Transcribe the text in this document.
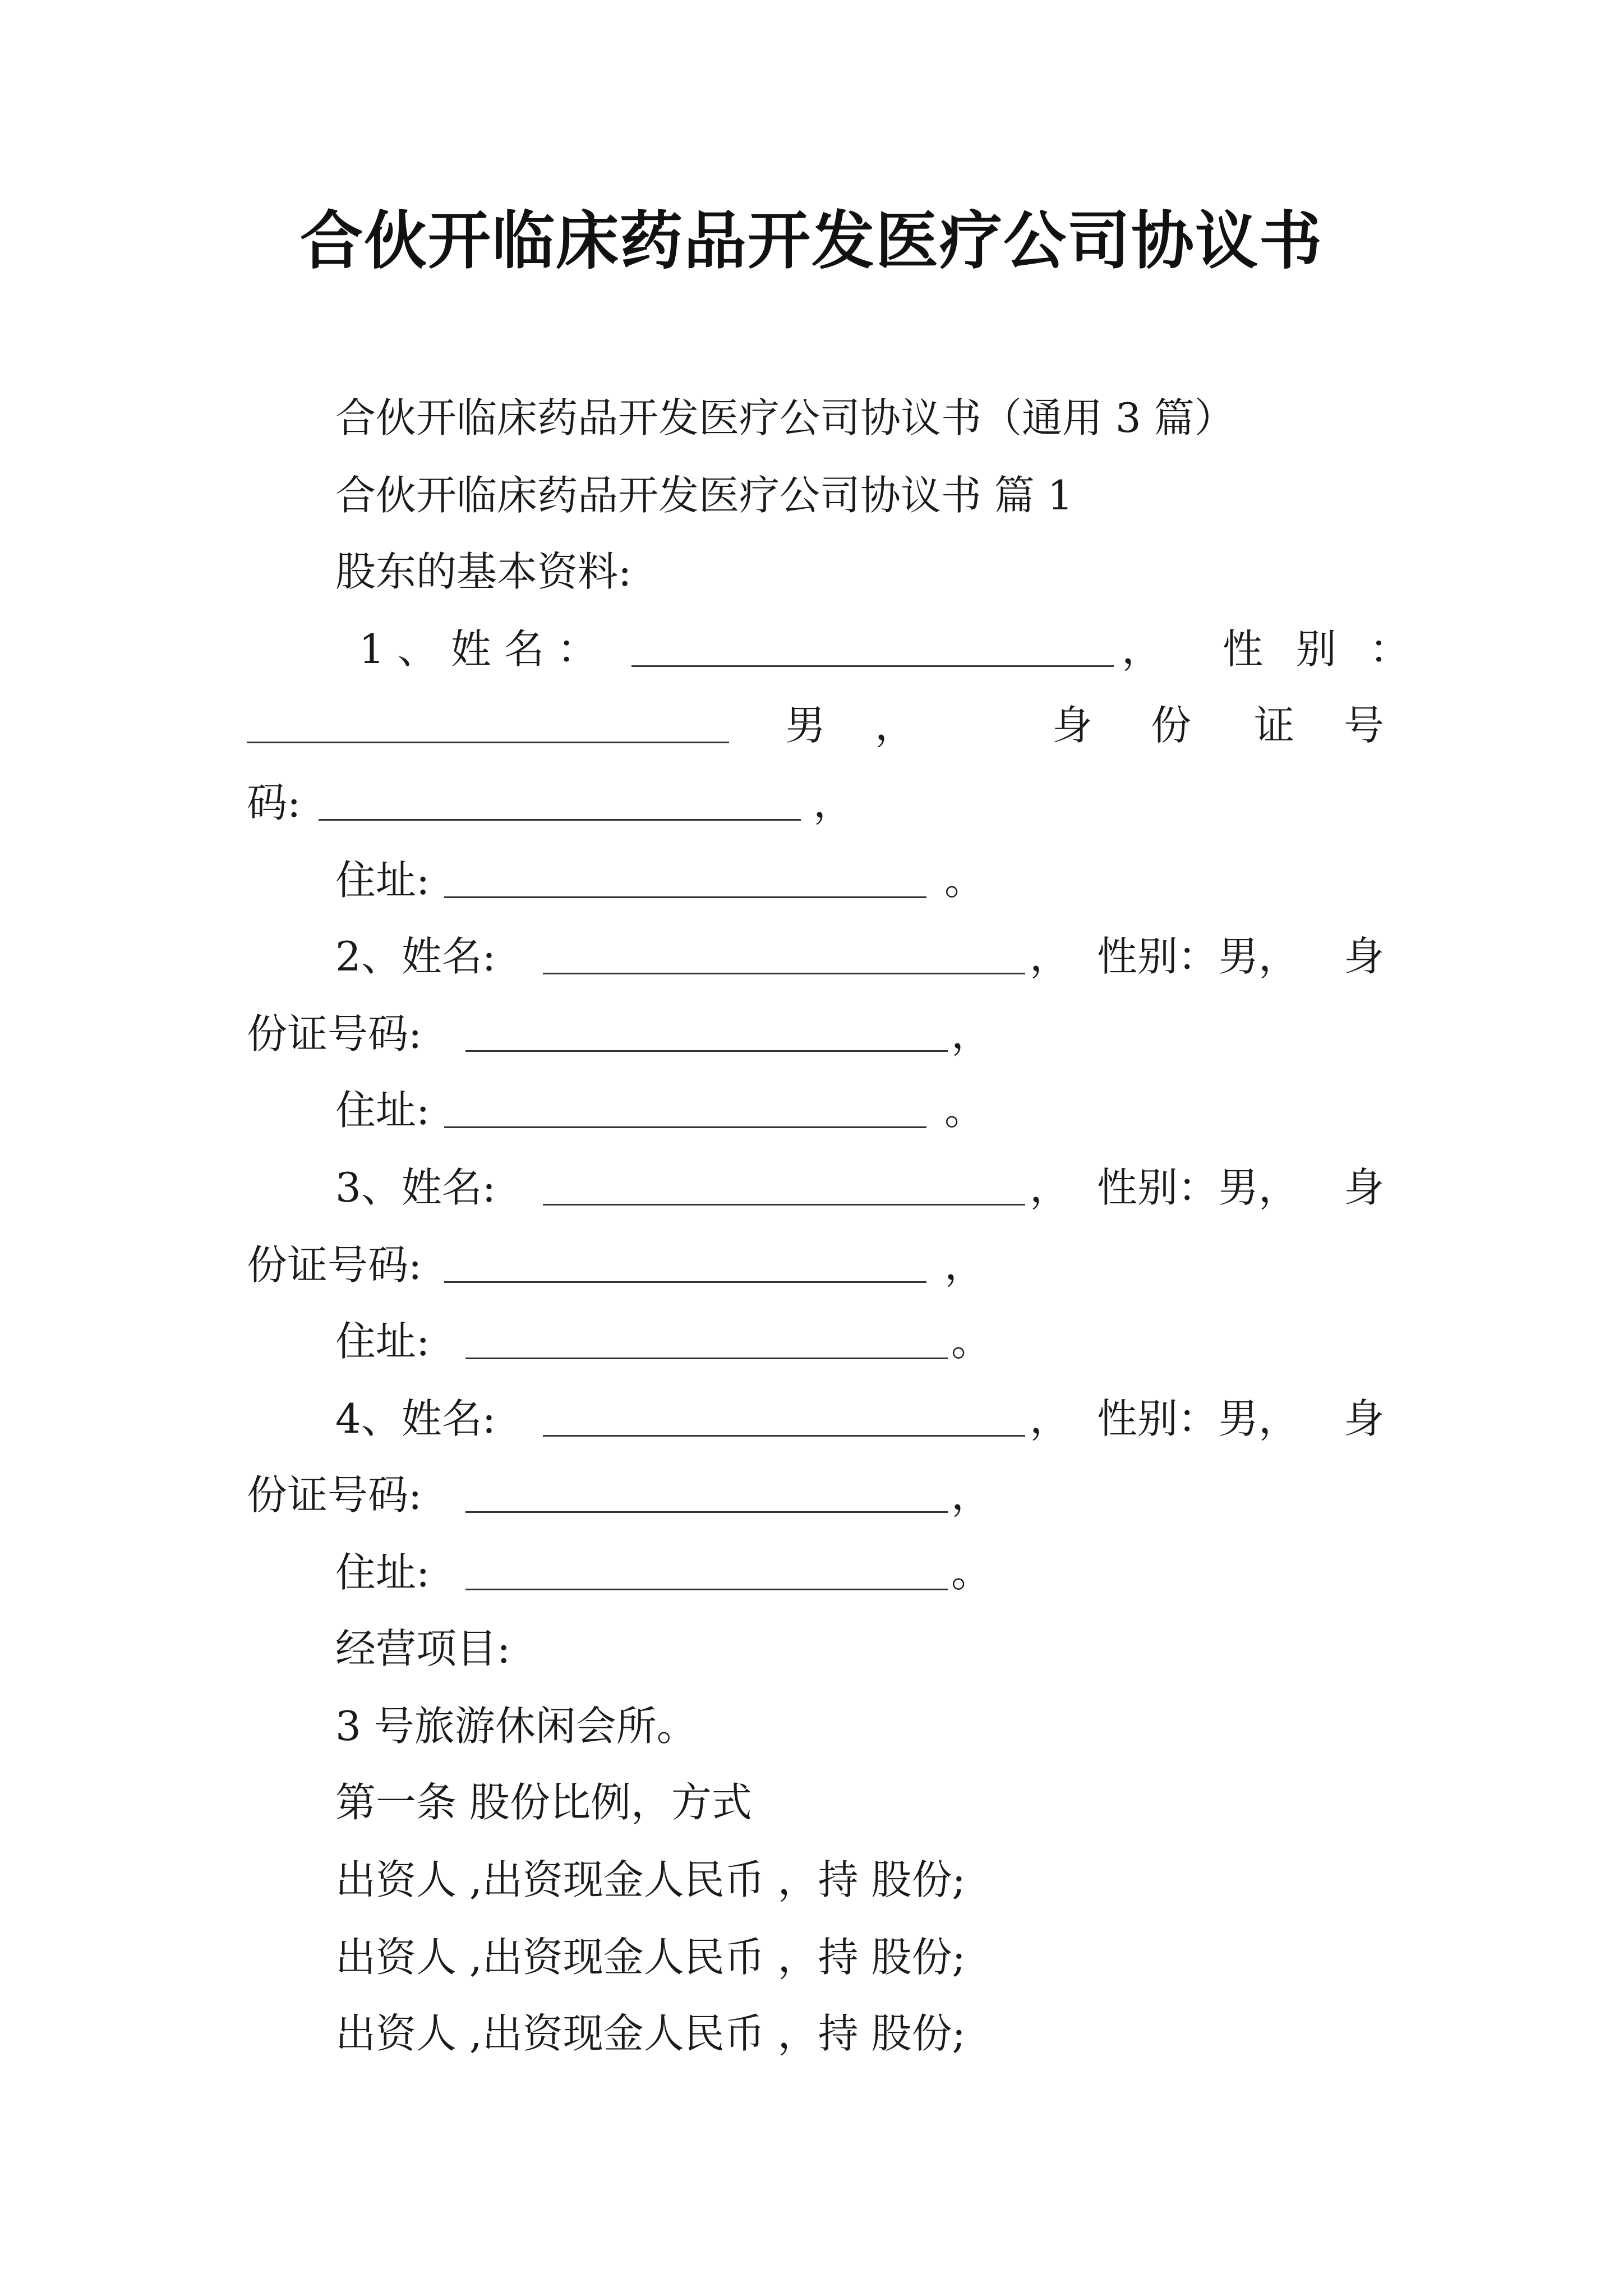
合伙开临床药品开发医疗公司协议书
合伙开临床药品开发医疗公司协议书（通用 3 篇）
合伙开临床药品开发医疗公司协议书 篇 1
股东的基本资料:
1 、 姓 名 ：	， 性 别 ：
男 ，	身 份 证 号
码:	，
住址:	。
2、姓名:	， 性别：男， 身
份证号码:	，
住址:	。
3、姓名:	， 性别：男， 身
份证号码:	，
住址:	。
4、姓名:	， 性别：男， 身
份证号码:	，
住址:	。
经营项目:
3 号旅游休闲会所。
第一条 股份比例，方式
出资人 ,出资现金人民币 ，持 股份;
出资人 ,出资现金人民币 ，持 股份;
出资人 ,出资现金人民币 ，持 股份;
